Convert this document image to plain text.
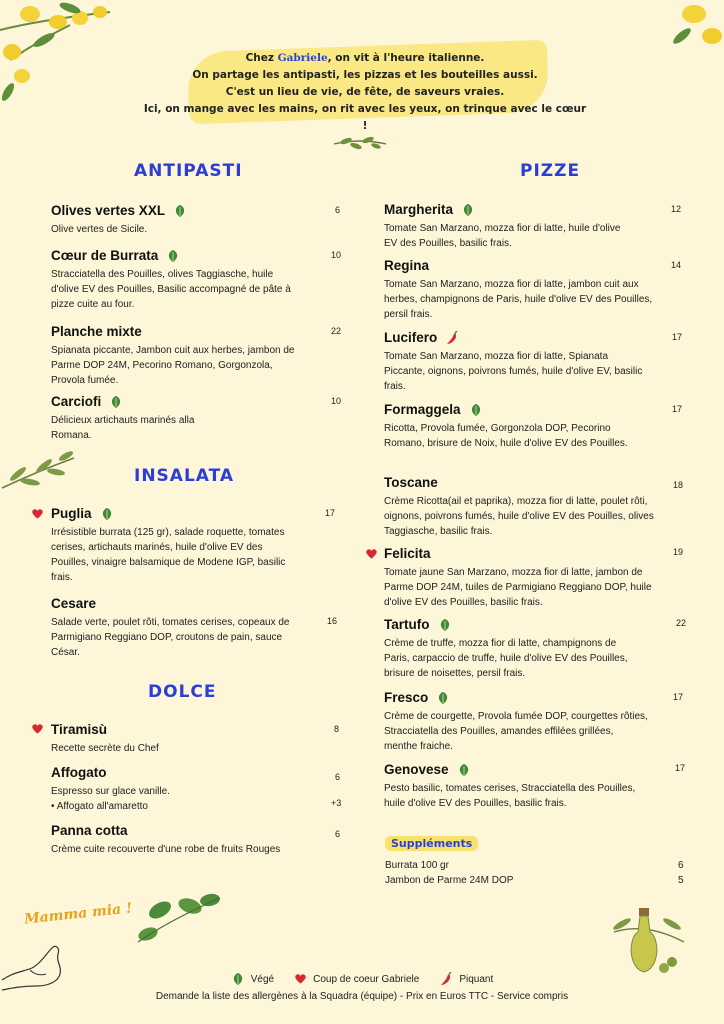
Chez Gabriele, on vit à l'heure italienne.
On partage les antipasti, les pizzas et les bouteilles aussi.
C'est un lieu de vie, de fête, de saveurs vraies.
Ici, on mange avec les mains, on rit avec les yeux, on trinque avec le cœur !
ANTIPASTI	PIZZE
INSALATA
DOLCE
Olives vertes XXL
Olive vertes de Sicile.
6
Cœur de Burrata
Stracciatella des Pouilles, olives Taggiasche, huile d'olive EV des Pouilles, Basilic accompagné de pâte à pizze cuite au four.
10
Planche mixte
Spianata piccante, Jambon cuit aux herbes, jambon de Parme DOP 24M, Pecorino Romano, Gorgonzola, Provola fumée.
22
Carciofi
Délicieux artichauts marinés alla Romana.
10
Puglia
Irrésistible burrata (125 gr), salade roquette, tomates cerises, artichauts marinés, huile d'olive EV des Pouilles, vinaigre balsamique de Modene IGP, basilic frais.
17
Cesare
Salade verte, poulet rôti, tomates cerises, copeaux de Parmigiano Reggiano DOP, croutons de pain, sauce César.
16
Tiramisù
Recette secrète du Chef
8
Affogato
Espresso sur glace vanille.
• Affogato all'amaretto
6
+3
Panna cotta
Crème cuite recouverte d'une robe de fruits Rouges
6
Margherita
Tomate San Marzano, mozza fior di latte, huile d'olive EV des Pouilles, basilic frais.
12
Regina
Tomate San Marzano, mozza fior di latte, jambon cuit aux herbes, champignons de Paris, huile d'olive EV des Pouilles, persil frais.
14
Lucifero
Tomate San Marzano, mozza fior di latte, Spianata Piccante, oignons, poivrons fumés, huile d'olive EV, basilic frais.
17
Formaggela
Ricotta, Provola fumée, Gorgonzola DOP, Pecorino Romano, brisure de Noix, huile d'olive EV des Pouilles.
17
Toscane
Crème Ricotta(ail et paprika), mozza fior di latte, poulet rôti, oignons, poivrons fumés, huile d'olive EV des Pouilles, olives Taggiasche, basilic frais.
18
Felicita
Tomate jaune San Marzano, mozza fior di latte, jambon de Parme DOP 24M, tuiles de Parmigiano Reggiano DOP, huile d'olive EV des Pouilles, basilic frais.
19
Tartufo
Crème de truffe, mozza fior di latte, champignons de Paris, carpaccio de truffe, huile d'olive EV des Pouilles, brisure de noisettes, persil frais.
22
Fresco
Crème de courgette, Provola fumée DOP, courgettes rôties, Stracciatella des Pouilles, amandes effilées grillées, menthe fraiche.
17
Genovese
Pesto basilic, tomates cerises, Stracciatella des Pouilles, huile d'olive EV des Pouilles, basilic frais.
17
Suppléments
Burrata 100 gr	6
Jambon de Parme 24M DOP	5
Mamma mia !
Végé	Coup de coeur Gabriele	Piquant
Demande la liste des allergènes à la Squadra (équipe) - Prix en Euros TTC - Service compris
